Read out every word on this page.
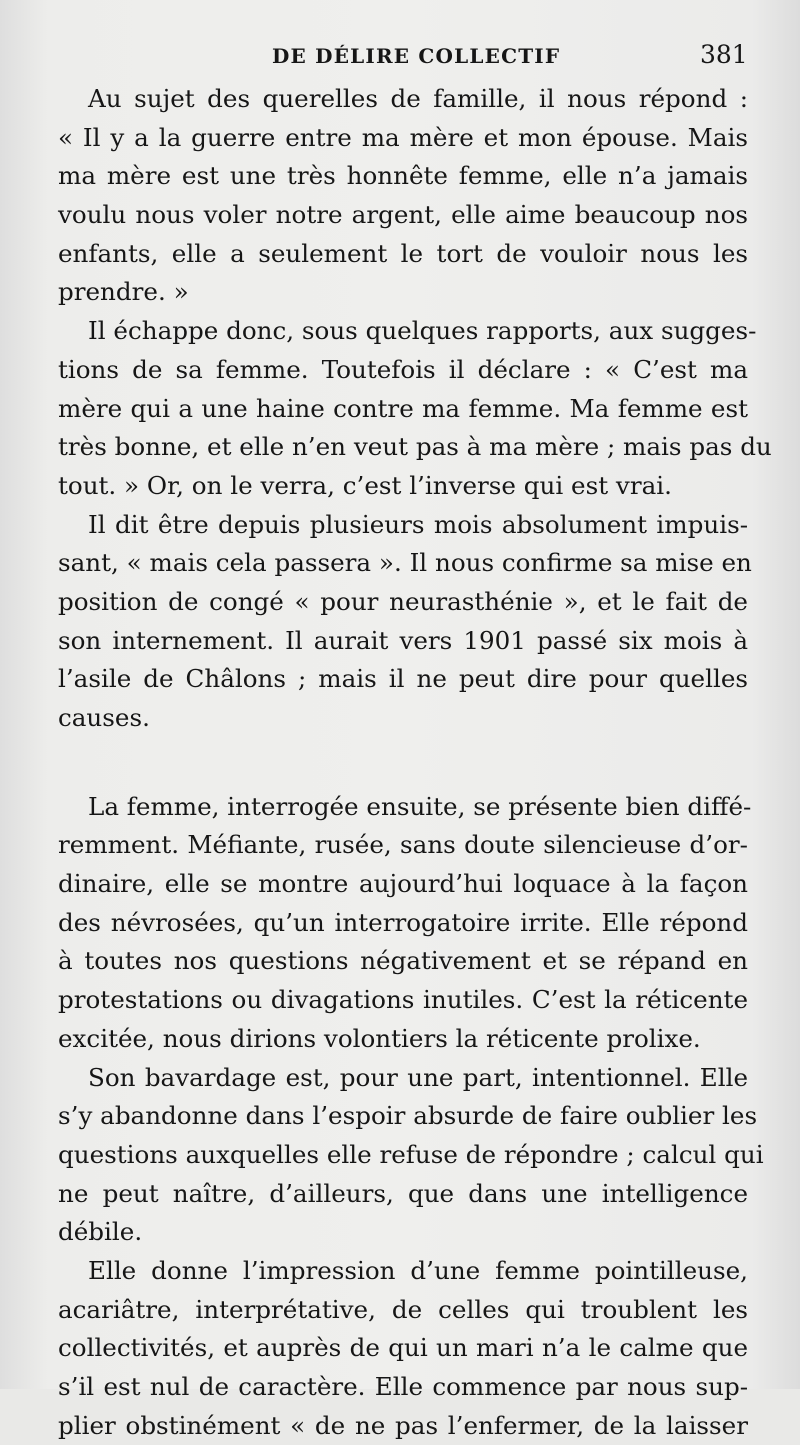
DE DÉLIRE COLLECTIF	381
Au sujet des querelles de famille, il nous répond :
« Il y a la guerre entre ma mère et mon épouse. Mais
ma mère est une très honnête femme, elle n’a jamais
voulu nous voler notre argent, elle aime beaucoup nos
enfants, elle a seulement le tort de vouloir nous les
prendre. »
Il échappe donc, sous quelques rapports, aux sugges-
tions de sa femme. Toutefois il déclare : « C’est ma
mère qui a une haine contre ma femme. Ma femme est
très bonne, et elle n’en veut pas à ma mère ; mais pas du
tout. » Or, on le verra, c’est l’inverse qui est vrai.
Il dit être depuis plusieurs mois absolument impuis-
sant, « mais cela passera ». Il nous confirme sa mise en
position de congé « pour neurasthénie », et le fait de
son internement. Il aurait vers 1901 passé six mois à
l’asile de Châlons ; mais il ne peut dire pour quelles
causes.
La femme, interrogée ensuite, se présente bien diffé-
remment. Méfiante, rusée, sans doute silencieuse d’or-
dinaire, elle se montre aujourd’hui loquace à la façon
des névrosées, qu’un interrogatoire irrite. Elle répond
à toutes nos questions négativement et se répand en
protestations ou divagations inutiles. C’est la réticente
excitée, nous dirions volontiers la réticente prolixe.
Son bavardage est, pour une part, intentionnel. Elle
s’y abandonne dans l’espoir absurde de faire oublier les
questions auxquelles elle refuse de répondre ; calcul qui
ne peut naître, d’ailleurs, que dans une intelligence
débile.
Elle donne l’impression d’une femme pointilleuse,
acariâtre, interprétative, de celles qui troublent les
collectivités, et auprès de qui un mari n’a le calme que
s’il est nul de caractère. Elle commence par nous sup-
plier obstinément « de ne pas l’enfermer, de la laisser
